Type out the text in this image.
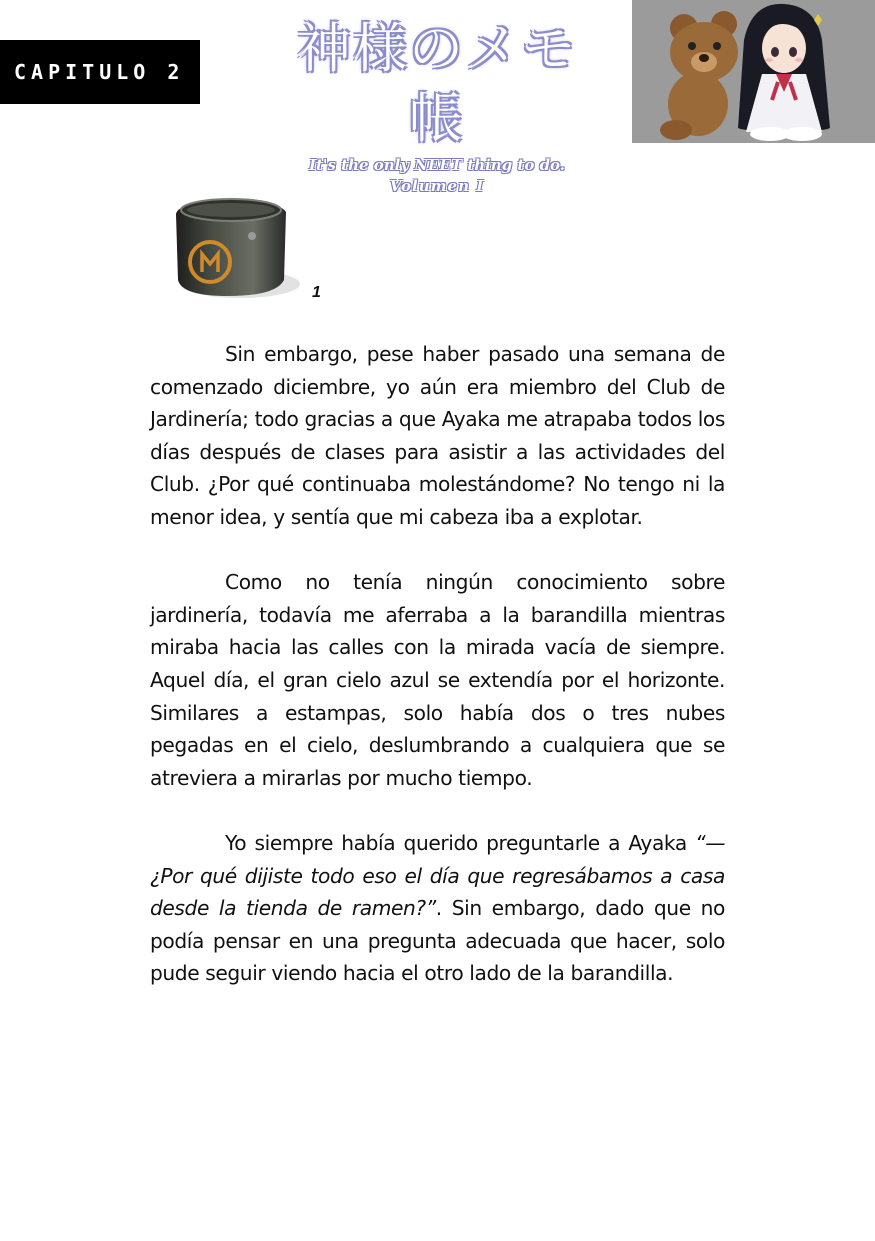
CAPITULO 2	神様のメモ帳
It's the only NEET thing to do.
Volumen I
1

Sin embargo, pese haber pasado una semana de comenzado diciembre, yo aún era miembro del Club de Jardinería; todo gracias a que Ayaka me atrapaba todos los días después de clases para asistir a las actividades del Club. ¿Por qué continuaba molestándome? No tengo ni la menor idea, y sentía que mi cabeza iba a explotar.

Como no tenía ningún conocimiento sobre jardinería, todavía me aferraba a la barandilla mientras miraba hacia las calles con la mirada vacía de siempre. Aquel día, el gran cielo azul se extendía por el horizonte. Similares a estampas, solo había dos o tres nubes pegadas en el cielo, deslumbrando a cualquiera que se atreviera a mirarlas por mucho tiempo.

Yo siempre había querido preguntarle a Ayaka “—¿Por qué dijiste todo eso el día que regresábamos a casa desde la tienda de ramen?”. Sin embargo, dado que no podía pensar en una pregunta adecuada que hacer, solo pude seguir viendo hacia el otro lado de la barandilla.
